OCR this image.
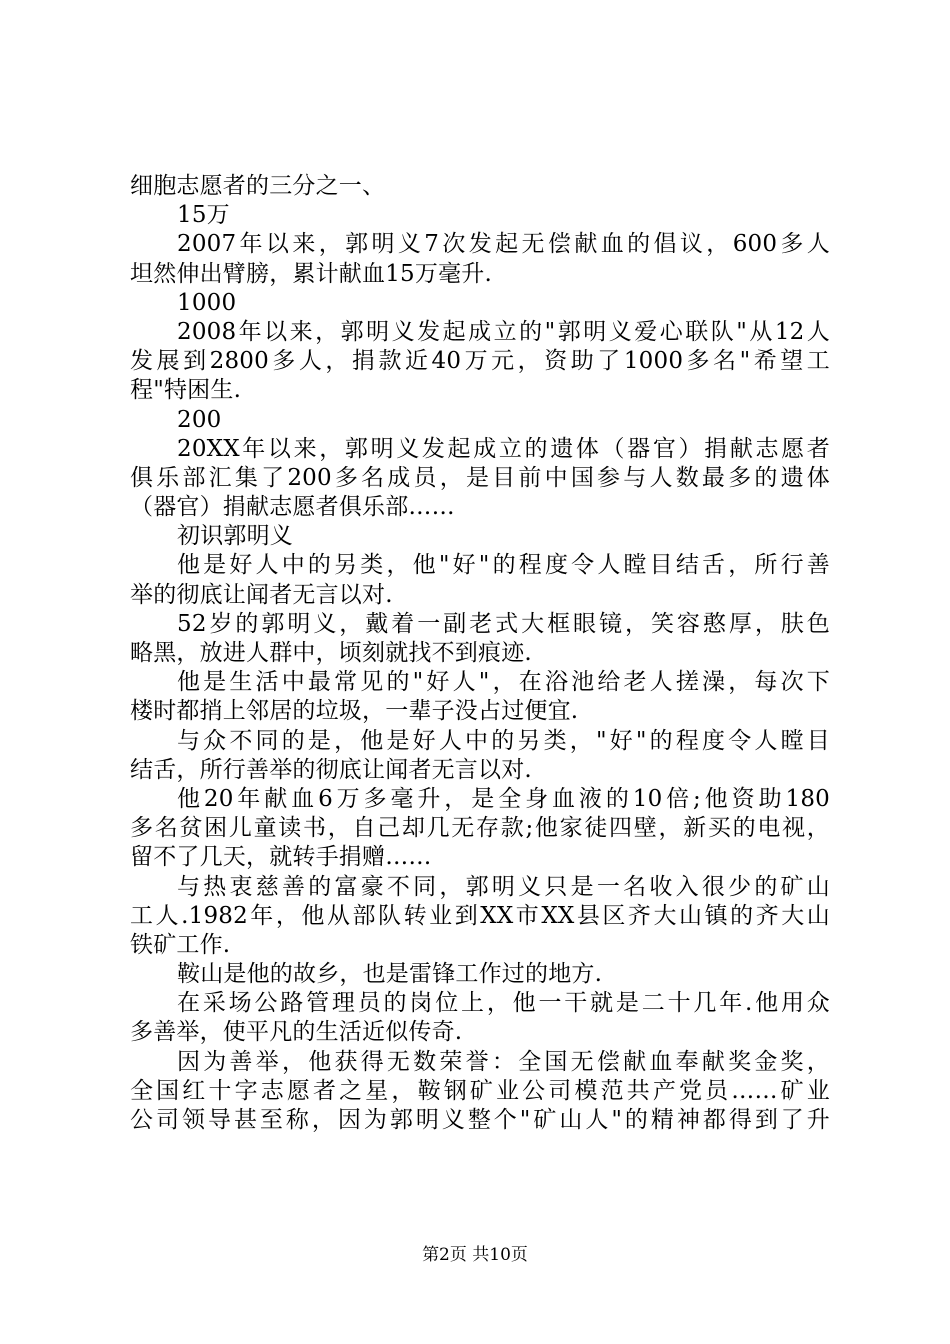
细胞志愿者的三分之一、
15万
2007年以来，郭明义7次发起无偿献血的倡议，600多人
坦然伸出臂膀，累计献血15万毫升.
1000
2008年以来，郭明义发起成立的"郭明义爱心联队"从12人
发展到2800多人，捐款近40万元，资助了1000多名"希望工
程"特困生.
200
20XX年以来，郭明义发起成立的遗体（器官）捐献志愿者
俱乐部汇集了200多名成员，是目前中国参与人数最多的遗体
（器官）捐献志愿者俱乐部……
初识郭明义
他是好人中的另类，他"好"的程度令人瞠目结舌，所行善
举的彻底让闻者无言以对.
52岁的郭明义，戴着一副老式大框眼镜，笑容憨厚，肤色
略黑，放进人群中，顷刻就找不到痕迹.
他是生活中最常见的"好人"，在浴池给老人搓澡，每次下
楼时都捎上邻居的垃圾，一辈子没占过便宜.
与众不同的是，他是好人中的另类，"好"的程度令人瞠目
结舌，所行善举的彻底让闻者无言以对.
他20年献血6万多毫升，是全身血液的10倍;他资助180
多名贫困儿童读书，自己却几无存款;他家徒四壁，新买的电视，
留不了几天，就转手捐赠……
与热衷慈善的富豪不同，郭明义只是一名收入很少的矿山
工人.1982年，他从部队转业到XX市XX县区齐大山镇的齐大山
铁矿工作.
鞍山是他的故乡，也是雷锋工作过的地方.
在采场公路管理员的岗位上，他一干就是二十几年.他用众
多善举，使平凡的生活近似传奇.
因为善举，他获得无数荣誉：全国无偿献血奉献奖金奖，
全国红十字志愿者之星，鞍钢矿业公司模范共产党员……矿业
公司领导甚至称，因为郭明义整个"矿山人"的精神都得到了升
第2页 共10页
